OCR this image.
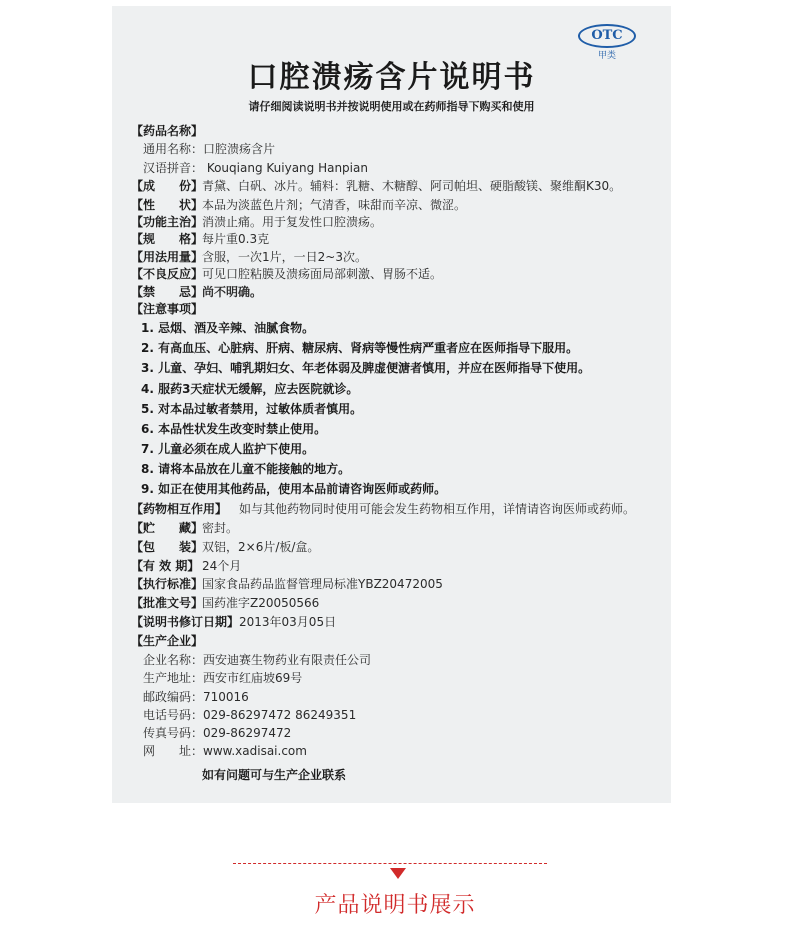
OTC
甲类
口腔溃疡含片说明书
请仔细阅读说明书并按说明使用或在药师指导下购买和使用
【药品名称】
通用名称：口腔溃疡含片
汉语拼音： Kouqiang Kuiyang Hanpian
【成　　份】青黛、白矾、冰片。辅料：乳糖、木糖醇、阿司帕坦、硬脂酸镁、聚维酮K30。
【性　　状】本品为淡蓝色片剂；气清香，味甜而辛凉、微涩。
【功能主治】消溃止痛。用于复发性口腔溃疡。
【规　　格】每片重0.3克
【用法用量】含服，一次1片，一日2~3次。
【不良反应】可见口腔粘膜及溃疡面局部刺激、胃肠不适。
【禁　　忌】尚不明确。
【注意事项】
1. 忌烟、酒及辛辣、油腻食物。
2. 有高血压、心脏病、肝病、糖尿病、肾病等慢性病严重者应在医师指导下服用。
3. 儿童、孕妇、哺乳期妇女、年老体弱及脾虚便溏者慎用，并应在医师指导下使用。
4. 服药3天症状无缓解，应去医院就诊。
5. 对本品过敏者禁用，过敏体质者慎用。
6. 本品性状发生改变时禁止使用。
7. 儿童必须在成人监护下使用。
8. 请将本品放在儿童不能接触的地方。
9. 如正在使用其他药品，使用本品前请咨询医师或药师。
【药物相互作用】 如与其他药物同时使用可能会发生药物相互作用，详情请咨询医师或药师。
【贮　　藏】密封。
【包　　装】双铝，2×6片/板/盒。
【有 效 期】 24个月
【执行标准】国家食品药品监督管理局标准YBZ20472005
【批准文号】国药准字Z20050566
【说明书修订日期】2013年03月05日
【生产企业】
企业名称：西安迪赛生物药业有限责任公司
生产地址：西安市红庙坡69号
邮政编码：710016
电话号码：029-86297472 86249351
传真号码：029-86297472
网　　址：www.xadisai.com
如有问题可与生产企业联系
产品说明书展示
